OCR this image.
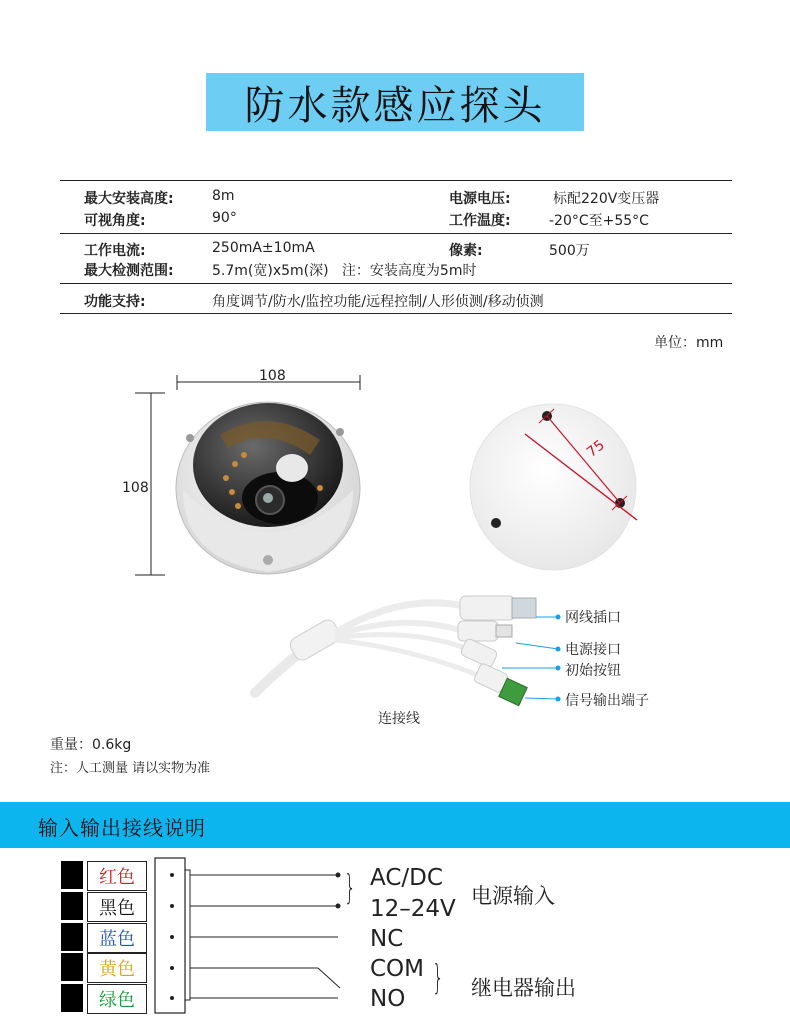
防水款感应探头
最大安装高度:	8m	电源电压:	标配220V变压器
可视角度:	90°	工作温度:	-20°C至+55°C
工作电流:	250mA±10mA	像素:	500万
最大检测范围:	5.7m(宽)x5m(深)   注：安装高度为5m时
功能支持:	角度调节/防水/监控功能/远程控制/人形侦测/移动侦测
单位：mm
108
108
75
网线插口
电源接口
初始按钮
信号输出端子
连接线
重量：0.6kg
注：人工测量 请以实物为准
输入输出接线说明
红色
黑色
蓝色
黄色
绿色
}
}
AC/DC
12–24V 电源输入
NC
COM
NO	继电器输出
